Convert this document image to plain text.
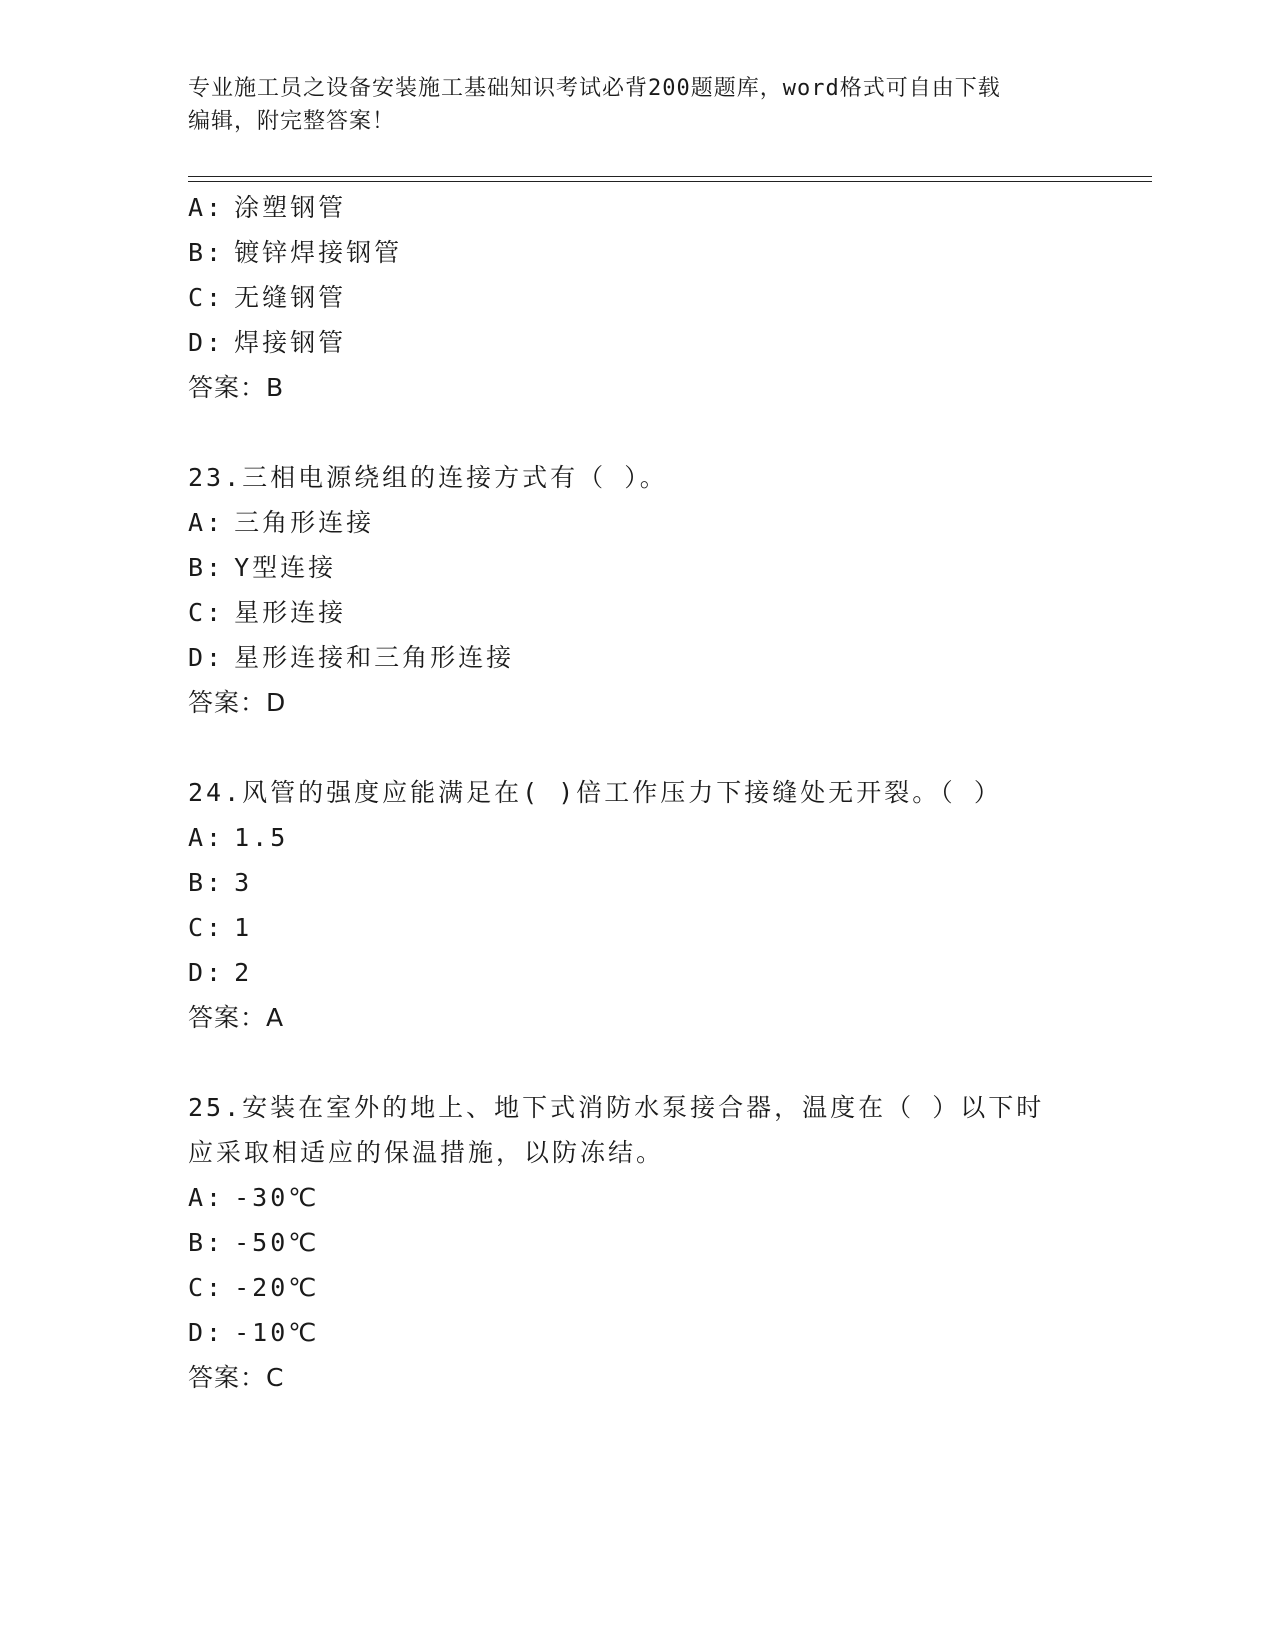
专业施工员之设备安装施工基础知识考试必背200题题库，word格式可自由下载
编辑，附完整答案！
A: 涂塑钢管
B: 镀锌焊接钢管
C: 无缝钢管
D: 焊接钢管
答案：B
23.三相电源绕组的连接方式有（ ）。
A: 三角形连接
B: Y型连接
C: 星形连接
D: 星形连接和三角形连接
答案：D
24.风管的强度应能满足在( )倍工作压力下接缝处无开裂。（ ）
A: 1.5
B: 3
C: 1
D: 2
答案：A
25.安装在室外的地上、地下式消防水泵接合器，温度在（ ）以下时
应采取相适应的保温措施，以防冻结。
A: -30℃
B: -50℃
C: -20℃
D: -10℃
答案：C
